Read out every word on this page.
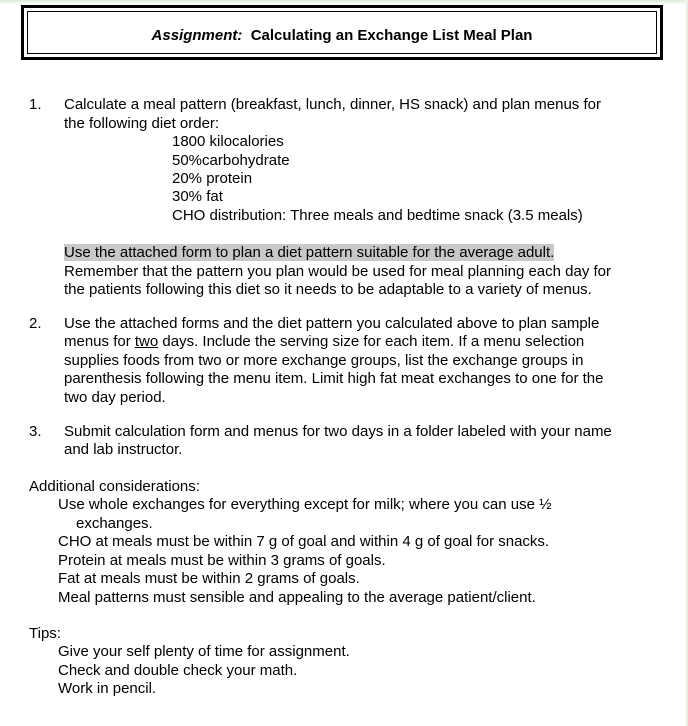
Assignment: Calculating an Exchange List Meal Plan
1. Calculate a meal pattern (breakfast, lunch, dinner, HS snack) and plan menus for
the following diet order:
1800 kilocalories
50%carbohydrate
20% protein
30% fat
CHO distribution: Three meals and bedtime snack (3.5 meals)
Use the attached form to plan a diet pattern suitable for the average adult.
Remember that the pattern you plan would be used for meal planning each day for
the patients following this diet so it needs to be adaptable to a variety of menus.
2. Use the attached forms and the diet pattern you calculated above to plan sample
menus for two days. Include the serving size for each item. If a menu selection
supplies foods from two or more exchange groups, list the exchange groups in
parenthesis following the menu item. Limit high fat meat exchanges to one for the
two day period.
3. Submit calculation form and menus for two days in a folder labeled with your name
and lab instructor.
Additional considerations:
Use whole exchanges for everything except for milk; where you can use ½
exchanges.
CHO at meals must be within 7 g of goal and within 4 g of goal for snacks.
Protein at meals must be within 3 grams of goals.
Fat at meals must be within 2 grams of goals.
Meal patterns must sensible and appealing to the average patient/client.
Tips:
Give your self plenty of time for assignment.
Check and double check your math.
Work in pencil.
